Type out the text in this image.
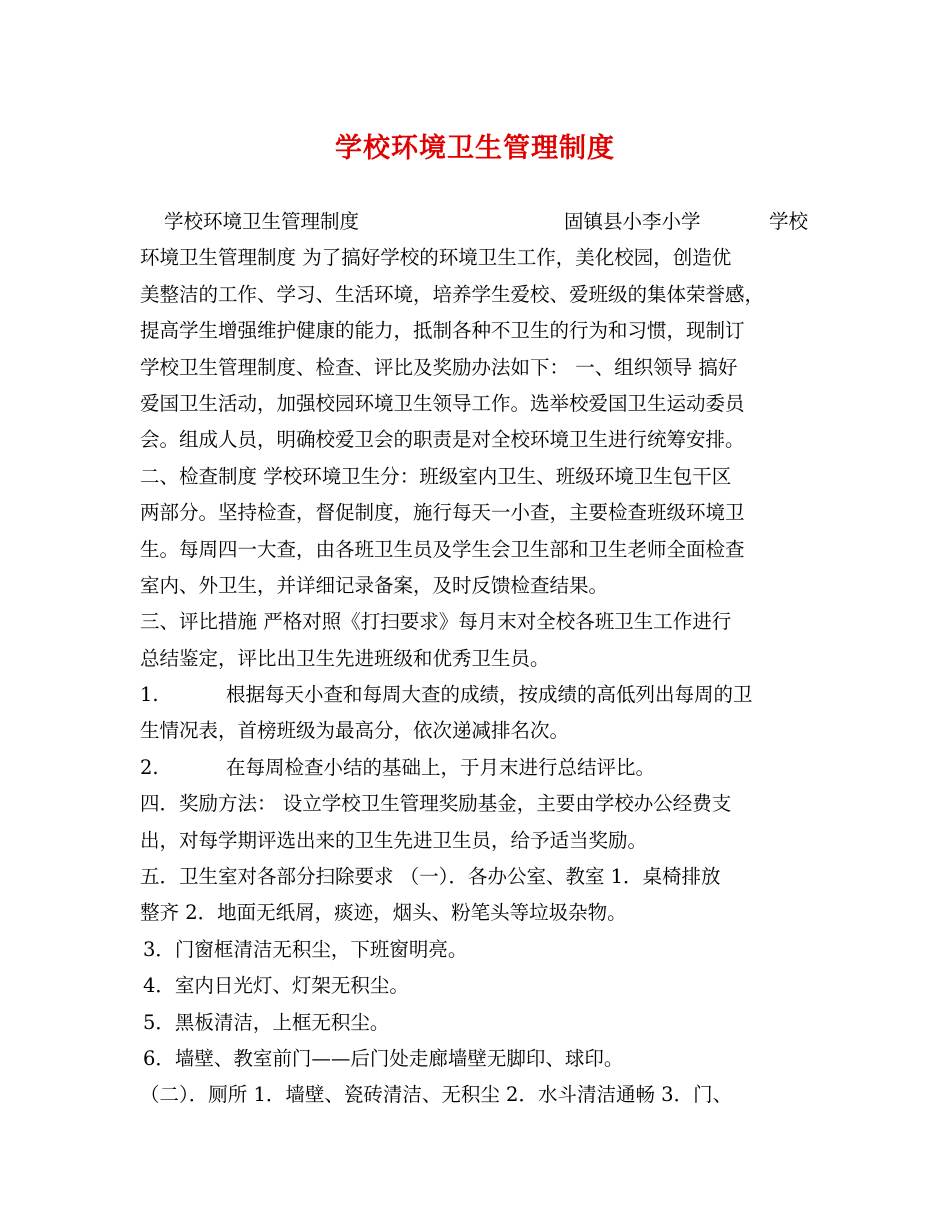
学校环境卫生管理制度
学校环境卫生管理制度	固镇县小李小学	学校
环境卫生管理制度 为了搞好学校的环境卫生工作，美化校园，创造优
美整洁的工作、学习、生活环境，培养学生爱校、爱班级的集体荣誉感，
提高学生增强维护健康的能力，抵制各种不卫生的行为和习惯，现制订
学校卫生管理制度、检查、评比及奖励办法如下： 一、组织领导 搞好
爱国卫生活动，加强校园环境卫生领导工作。选举校爱国卫生运动委员
会。组成人员，明确校爱卫会的职责是对全校环境卫生进行统筹安排。
二、检查制度 学校环境卫生分：班级室内卫生、班级环境卫生包干区
两部分。坚持检查，督促制度，施行每天一小查，主要检查班级环境卫
生。每周四一大查，由各班卫生员及学生会卫生部和卫生老师全面检查
室内、外卫生，并详细记录备案，及时反馈检查结果。
三、评比措施 严格对照《打扫要求》每月末对全校各班卫生工作进行
总结鉴定，评比出卫生先进班级和优秀卫生员。
1.	根据每天小查和每周大查的成绩，按成绩的高低列出每周的卫
生情况表，首榜班级为最高分，依次递减排名次。
2.	在每周检查小结的基础上，于月末进行总结评比。
四．奖励方法： 设立学校卫生管理奖励基金，主要由学校办公经费支
出，对每学期评选出来的卫生先进卫生员，给予适当奖励。
五．卫生室对各部分扫除要求 （一）．各办公室、教室 1．桌椅排放
整齐 2．地面无纸屑，痰迹，烟头、粉笔头等垃圾杂物。
3．门窗框清洁无积尘，下班窗明亮。
4．室内日光灯、灯架无积尘。
5．黑板清洁，上框无积尘。
6．墙壁、教室前门——后门处走廊墙壁无脚印、球印。
（二）．厕所 1．墙壁、瓷砖清洁、无积尘 2．水斗清洁通畅 3．门、
